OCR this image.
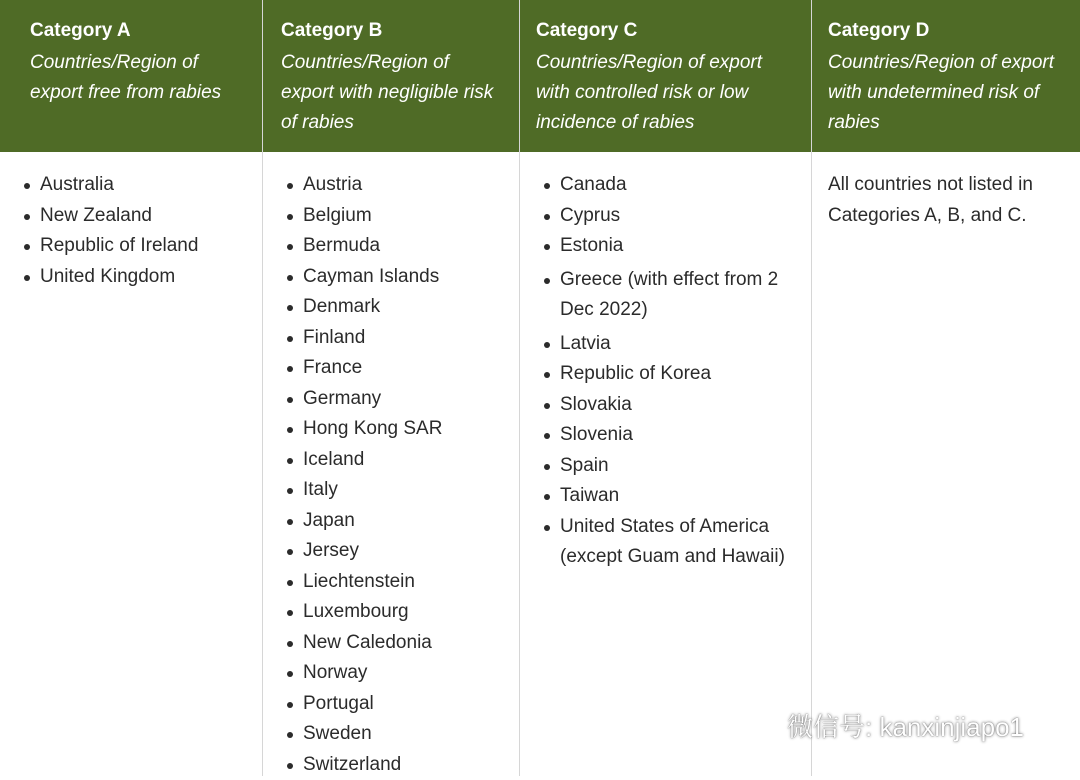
Category A
Countries/Region of export free from rabies
Australia
New Zealand
Republic of Ireland
United Kingdom
Category B
Countries/Region of export with negligible risk of rabies
Austria
Belgium
Bermuda
Cayman Islands
Denmark
Finland
France
Germany
Hong Kong SAR
Iceland
Italy
Japan
Jersey
Liechtenstein
Luxembourg
New Caledonia
Norway
Portugal
Sweden
Switzerland
Category C
Countries/Region of export with controlled risk or low incidence of rabies
Canada
Cyprus
Estonia
Greece (with effect from 2 Dec 2022)
Latvia
Republic of Korea
Slovakia
Slovenia
Spain
Taiwan
United States of America (except Guam and Hawaii)
Category D
Countries/Region of export with undetermined risk of rabies
All countries not listed in Categories A, B, and C.
微信号: kanxinjiapo1
